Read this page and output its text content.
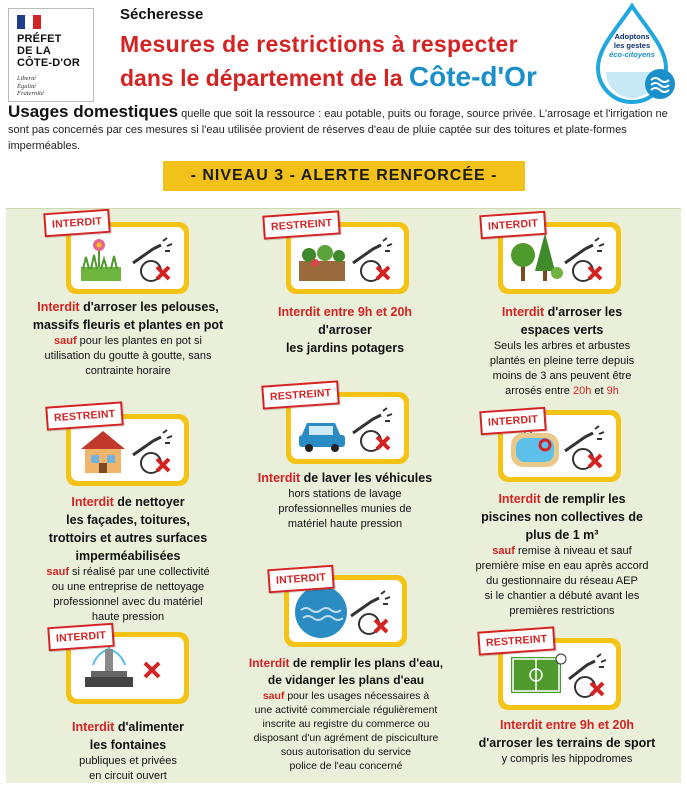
PRÉFET
DE LA
CÔTE-D'OR
Liberté
Égalité
Fraternité
Sécheresse
Mesures de restrictions à respecter
dans le département de la Côte-d'Or
Adoptons
les gestes
éco-citoyens
Usages domestiques quelle que soit la ressource : eau potable, puits ou forage, source privée. L'arrosage et l'irrigation ne sont pas concernés par ces mesures si l'eau utilisée provient de réserves d'eau de pluie captée sur des toitures et plate-formes imperméables.
- NIVEAU 3 - ALERTE RENFORCÉE -
INTERDIT
Interdit d'arroser les pelouses,
massifs fleuris et plantes en pot
sauf pour les plantes en pot si
utilisation du goutte à goutte, sans
contrainte horaire
RESTREINT
Interdit entre 9h et 20h
d'arroser
les jardins potagers
INTERDIT
Interdit d'arroser les
espaces verts
Seuls les arbres et arbustes
plantés en pleine terre depuis
moins de 3 ans peuvent être
arrosés entre 20h et 9h
RESTREINT
Interdit de nettoyer
les façades, toitures,
trottoirs et autres surfaces
imperméabilisées
sauf si réalisé par une collectivité
ou une entreprise de nettoyage
professionnel avec du matériel
haute pression
RESTREINT
Interdit de laver les véhicules
hors stations de lavage
professionnelles munies de
matériel haute pression
INTERDIT
Interdit de remplir les
piscines non collectives de
plus de 1 m³
sauf remise à niveau et sauf
première mise en eau après accord
du gestionnaire du réseau AEP
si le chantier a débuté avant les
premières restrictions
INTERDIT
Interdit d'alimenter
les fontaines
publiques et privées
en circuit ouvert
INTERDIT
Interdit de remplir les plans d'eau,
de vidanger les plans d'eau
sauf pour les usages nécessaires à
une activité commerciale régulièrement
inscrite au registre du commerce ou
disposant d'un agrément de pisciculture
sous autorisation du service
police de l'eau concerné
RESTREINT
Interdit entre 9h et 20h
d'arroser les terrains de sport
y compris les hippodromes
